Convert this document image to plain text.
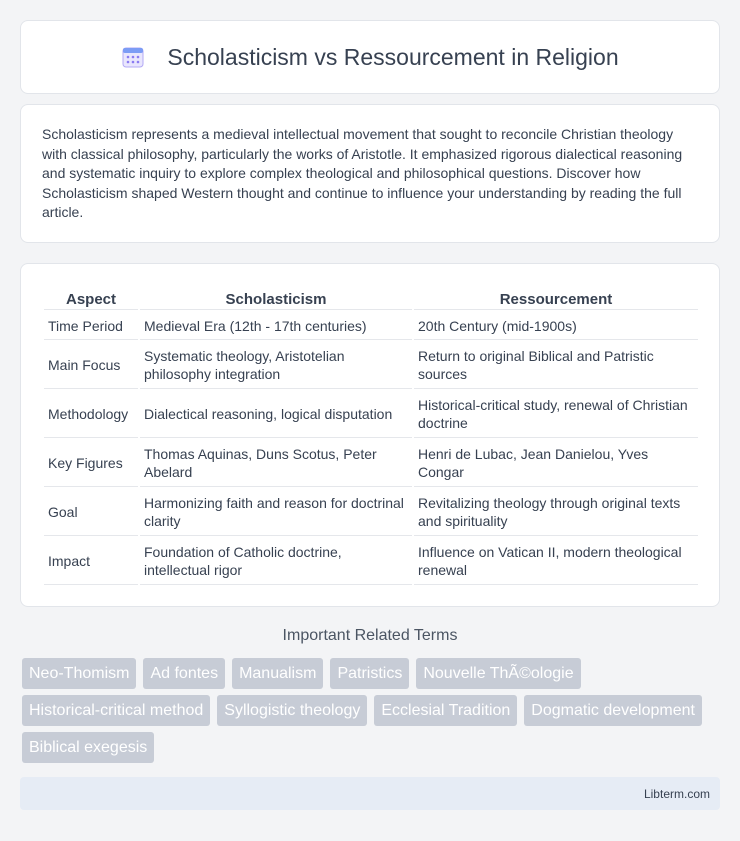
Scholasticism vs Ressourcement in Religion

Scholasticism represents a medieval intellectual movement that sought to reconcile Christian theology with classical philosophy, particularly the works of Aristotle. It emphasized rigorous dialectical reasoning and systematic inquiry to explore complex theological and philosophical questions. Discover how Scholasticism shaped Western thought and continue to influence your understanding by reading the full article.

Aspect	Scholasticism	Ressourcement
Time Period	Medieval Era (12th - 17th centuries)	20th Century (mid-1900s)
Main Focus	Systematic theology, Aristotelian philosophy integration	Return to original Biblical and Patristic sources
Methodology	Dialectical reasoning, logical disputation	Historical-critical study, renewal of Christian doctrine
Key Figures	Thomas Aquinas, Duns Scotus, Peter Abelard	Henri de Lubac, Jean Danielou, Yves Congar
Goal	Harmonizing faith and reason for doctrinal clarity	Revitalizing theology through original texts and spirituality
Impact	Foundation of Catholic doctrine, intellectual rigor	Influence on Vatican II, modern theological renewal
Important Related Terms
Neo-Thomism	Ad fontes	Manualism	Patristics	Nouvelle ThÃ©ologie
Historical-critical method	Syllogistic theology	Ecclesial Tradition	Dogmatic development
Biblical exegesis
Libterm.com
